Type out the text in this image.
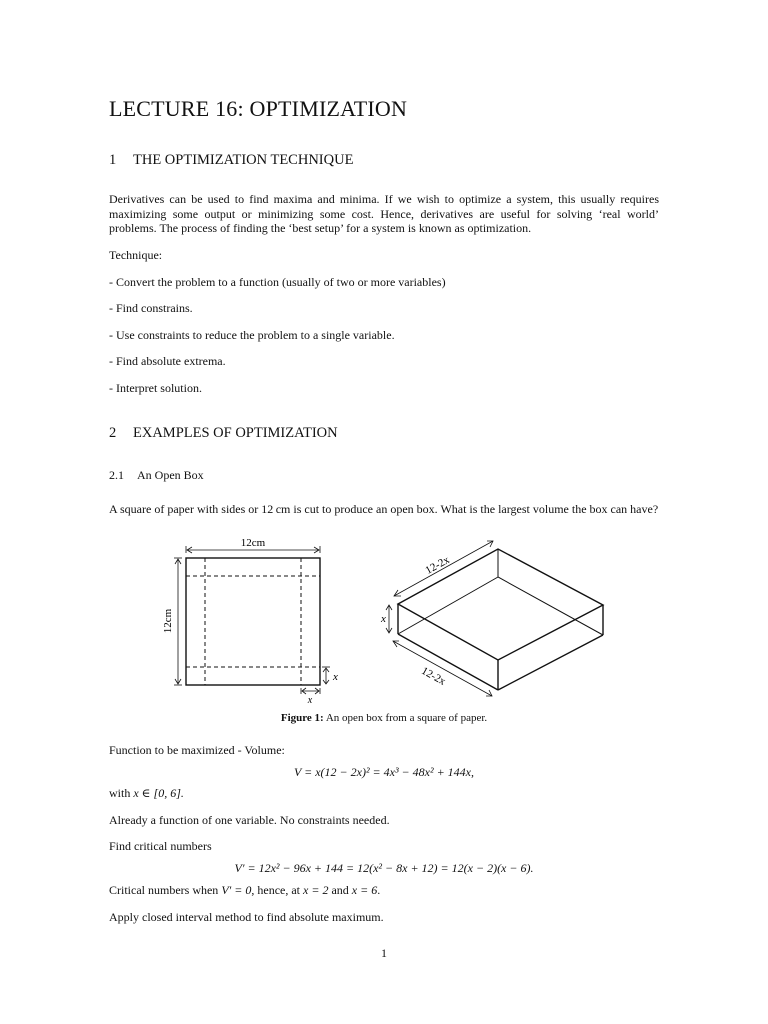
LECTURE 16: OPTIMIZATION
1 THE OPTIMIZATION TECHNIQUE

Derivatives can be used to find maxima and minima. If we wish to optimize a system, this usually requires maximizing some output or minimizing some cost. Hence, derivatives are useful for solving ‘real world’ problems. The process of finding the ‘best setup’ for a system is known as optimization.

Technique:

- Convert the problem to a function (usually of two or more variables)

- Find constrains.

- Use constraints to reduce the problem to a single variable.

- Find absolute extrema.

- Interpret solution.

2 EXAMPLES OF OPTIMIZATION
2.1 An Open Box

A square of paper with sides or 12 cm is cut to produce an open box. What is the largest volume the box can have?

12cm
12cm
x
x
x
12-2x
12-2x

Figure 1: An open box from a square of paper.

Function to be maximized - Volume:

V = x(12 − 2x)² = 4x³ − 48x² + 144x,

with x ∈ [0, 6].

Already a function of one variable. No constraints needed.

Find critical numbers

V′ = 12x² − 96x + 144 = 12(x² − 8x + 12) = 12(x − 2)(x − 6).

Critical numbers when V′ = 0, hence, at x = 2 and x = 6.

Apply closed interval method to find absolute maximum.

1
